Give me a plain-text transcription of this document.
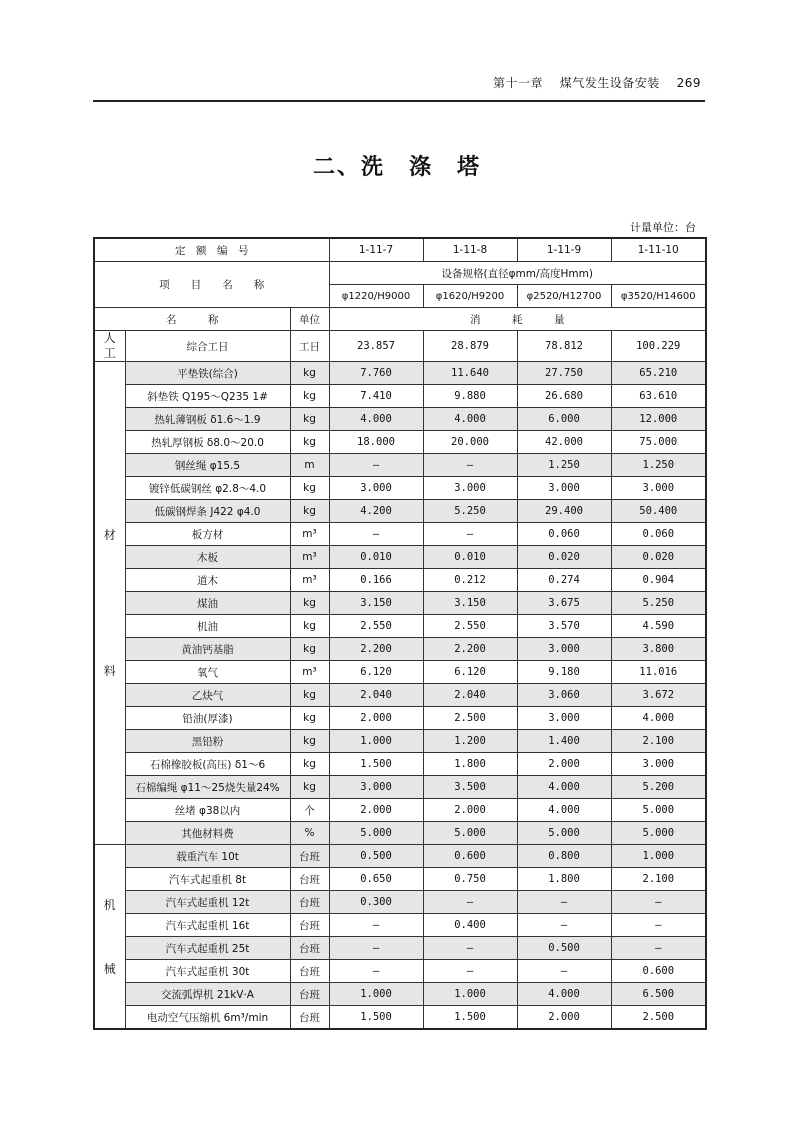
第十一章　 煤气发生设备安装　 269
二、洗　涤　塔
计量单位：台
定　额　编　号			1-11-7	1-11-8	1-11-9	1-11-10
项　　目　　名　　称			设备规格(直径φmm/高度Hmm)			
			φ1220/H9000	φ1620/H9200	φ2520/H12700	φ3520/H14600
名　　　称		单位	消　　　耗　　　量			
人工	综合工日	工日	23.857	28.879	78.812	100.229

材
料	平垫铁(综合)	kg	7.760	11.640	27.750	65.210
	斜垫铁 Q195～Q235 1#	kg	7.410	9.880	26.680	63.610
	热轧薄钢板 δ1.6～1.9	kg	4.000	4.000	6.000	12.000
	热轧厚钢板 δ8.0～20.0	kg	18.000	20.000	42.000	75.000
	钢丝绳 φ15.5	m	—	—	1.250	1.250
	镀锌低碳钢丝 φ2.8～4.0	kg	3.000	3.000	3.000	3.000
	低碳钢焊条 J422 φ4.0	kg	4.200	5.250	29.400	50.400
	板方材	m³	—	—	0.060	0.060
	木板	m³	0.010	0.010	0.020	0.020
	道木	m³	0.166	0.212	0.274	0.904
	煤油	kg	3.150	3.150	3.675	5.250
	机油	kg	2.550	2.550	3.570	4.590
	黄油钙基脂	kg	2.200	2.200	3.000	3.800
	氧气	m³	6.120	6.120	9.180	11.016
	乙炔气	kg	2.040	2.040	3.060	3.672
	铅油(厚漆)	kg	2.000	2.500	3.000	4.000
	黑铅粉	kg	1.000	1.200	1.400	2.100
	石棉橡胶板(高压) δ1～6	kg	1.500	1.800	2.000	3.000
	石棉编绳 φ11～25烧失量24%	kg	3.000	3.500	4.000	5.200
	丝堵 φ38以内	个	2.000	2.000	4.000	5.000
	其他材料费	%	5.000	5.000	5.000	5.000

机
械	载重汽车 10t	台班	0.500	0.600	0.800	1.000
	汽车式起重机 8t	台班	0.650	0.750	1.800	2.100
	汽车式起重机 12t	台班	0.300	—	—	—
	汽车式起重机 16t	台班	—	0.400	—	—
	汽车式起重机 25t	台班	—	—	0.500	—
	汽车式起重机 30t	台班	—	—	—	0.600
	交流弧焊机 21kV·A	台班	1.000	1.000	4.000	6.500
	电动空气压缩机 6m³/min	台班	1.500	1.500	2.000	2.500
